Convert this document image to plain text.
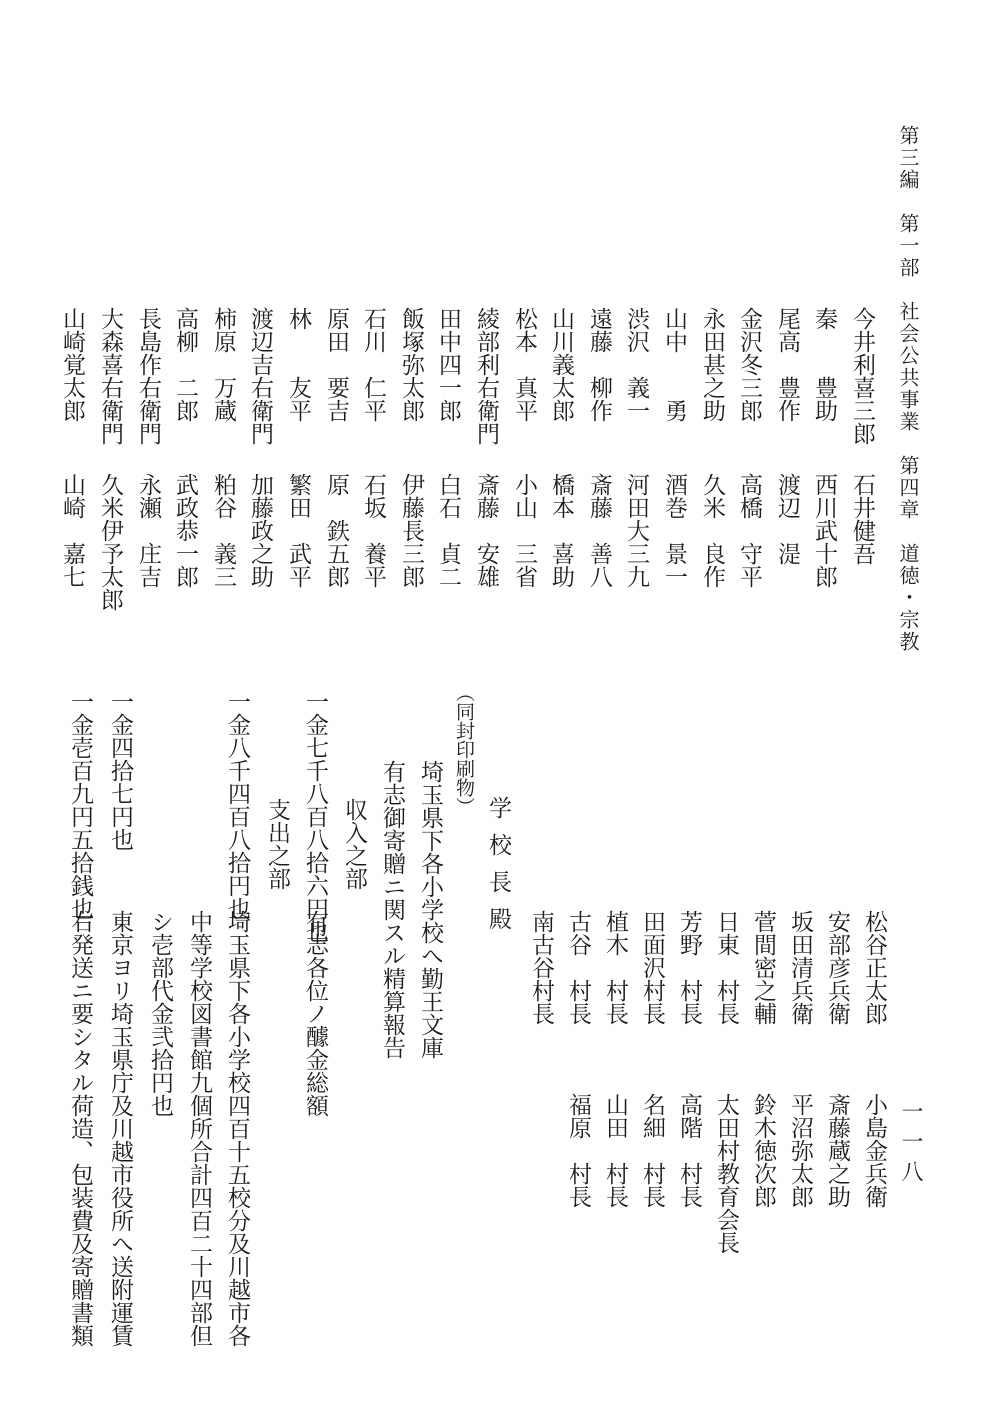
第三編　第一部　社会公共事業　第四章　道徳・宗教
一一八
学校長殿
（同封印刷物）
埼玉県下各小学校へ勤王文庫
有志御寄贈ニ関スル精算報告
収入之部
一金七千八百八拾六円也
有志各位ノ醵金総額
支出之部
一金八千四百八拾円也
埼玉県下各小学校四百十五校分及川越市各
中等学校図書館九個所合計四百二十四部但
シ壱部代金弐拾円也
一金四拾七円也
東京ヨリ埼玉県庁及川越市役所へ送附運賃
一金壱百九円五拾銭也
右発送ニ要シタル荷造、包装費及寄贈書類
今井利喜三郎
石井健吾
秦　　豊助
西川武十郎
尾高　豊作
渡辺　湜
金沢冬三郎
高橋　守平
永田甚之助
久米　良作
山中　　勇
酒巻　景一
渋沢　義一
河田大三九
遠藤　柳作
斎藤　善八
山川義太郎
橋本　喜助
松本　真平
小山　三省
綾部利右衛門
斎藤　安雄
田中四一郎
白石　貞二
飯塚弥太郎
伊藤長三郎
石川　仁平
石坂　養平
原田　要吉
原　鉄五郎
林　　友平
繁田　武平
渡辺吉右衛門
加藤政之助
柿原　万蔵
粕谷　義三
高柳　二郎
武政恭一郎
長島作右衛門
永瀬　庄吉
大森喜右衛門
久米伊予太郎
山崎覚太郎
山崎　嘉七
松谷正太郎
小島金兵衛
安部彦兵衛
斎藤蔵之助
坂田清兵衛
平沼弥太郎
菅間密之輔
鈴木徳次郎
日東　村長
太田村教育会長
芳野　村長
高階　村長
田面沢村長
名細　村長
植木　村長
山田　村長
古谷　村長
福原　村長
南古谷村長
